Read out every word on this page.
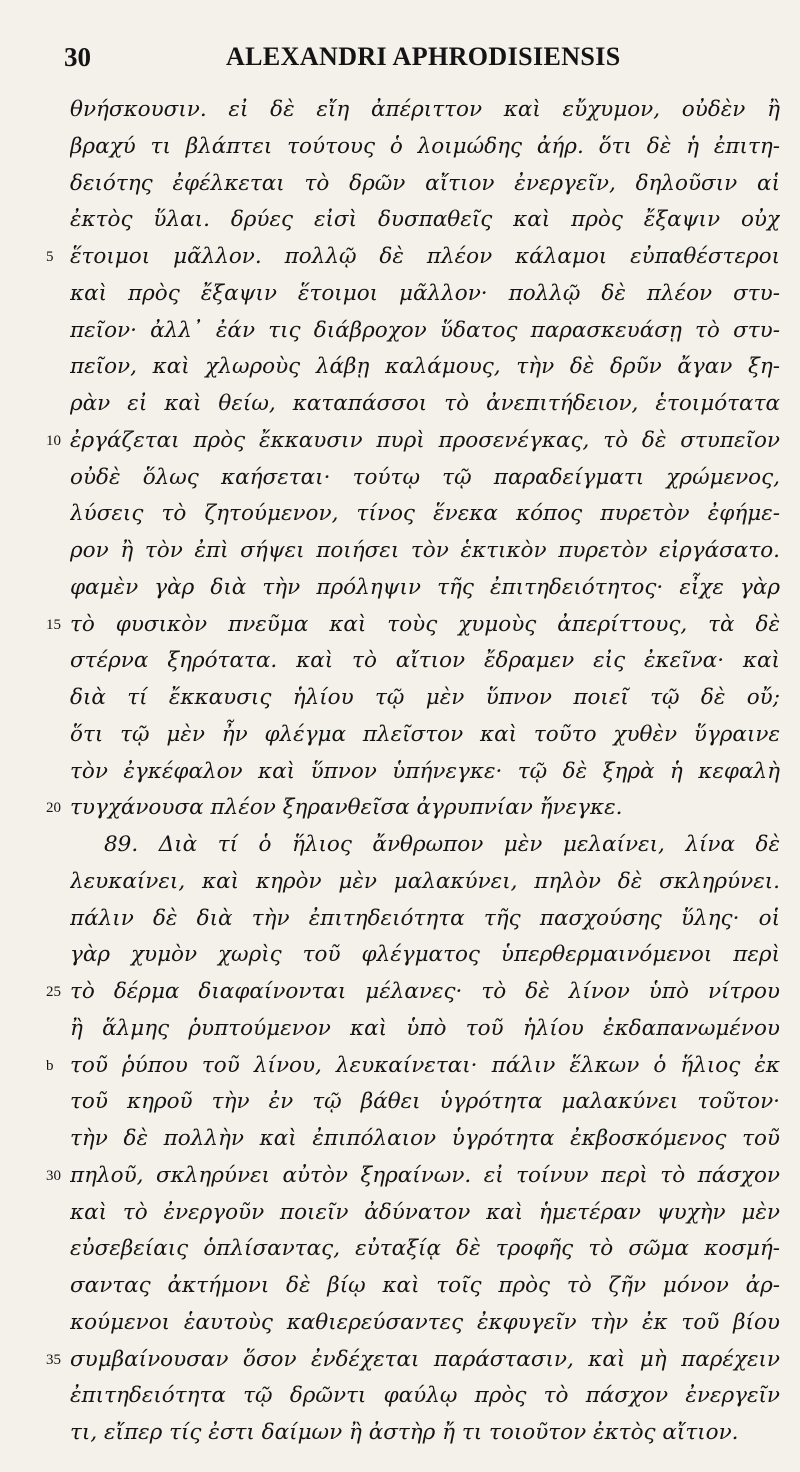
30	ALEXANDRI APHRODISIENSIS
θνήσκουσιν. εἰ δὲ εἴη ἀπέριττον καὶ εὔχυμον, οὐδὲν ἢ
βραχύ τι βλάπτει τούτους ὁ λοιμώδης ἀήρ. ὅτι δὲ ἡ ἐπιτη-
δειότης ἐφέλκεται τὸ δρῶν αἴτιον ἐνεργεῖν, δηλοῦσιν αἱ
ἐκτὸς ὕλαι. δρύες εἰσὶ δυσπαθεῖς καὶ πρὸς ἔξαψιν οὐχ
5 ἕτοιμοι μᾶλλον. πολλῷ δὲ πλέον κάλαμοι εὐπαθέστεροι
καὶ πρὸς ἔξαψιν ἕτοιμοι μᾶλλον· πολλῷ δὲ πλέον στυ-
πεῖον· ἀλλ᾽ ἐάν τις διάβροχον ὕδατος παρασκευάσῃ τὸ στυ-
πεῖον, καὶ χλωροὺς λάβῃ καλάμους, τὴν δὲ δρῦν ἄγαν ξη-
ρὰν εἰ καὶ θείω, καταπάσσοι τὸ ἀνεπιτήδειον, ἑτοιμότατα
10 ἐργάζεται πρὸς ἔκκαυσιν πυρὶ προσενέγκας, τὸ δὲ στυπεῖον
οὐδὲ ὅλως καήσεται· τούτῳ τῷ παραδείγματι χρώμενος,
λύσεις τὸ ζητούμενον, τίνος ἕνεκα κόπος πυρετὸν ἐφήμε-
ρον ἢ τὸν ἐπὶ σήψει ποιήσει τὸν ἑκτικὸν πυρετὸν εἰργάσατο.
φαμὲν γὰρ διὰ τὴν πρόληψιν τῆς ἐπιτηδειότητος· εἶχε γὰρ
15 τὸ φυσικὸν πνεῦμα καὶ τοὺς χυμοὺς ἀπερίττους, τὰ δὲ
στέρνα ξηρότατα. καὶ τὸ αἴτιον ἔδραμεν εἰς ἐκεῖνα· καὶ
διὰ τί ἔκκαυσις ἡλίου τῷ μὲν ὕπνον ποιεῖ τῷ δὲ οὔ;
ὅτι τῷ μὲν ἦν φλέγμα πλεῖστον καὶ τοῦτο χυθὲν ὕγραινε
τὸν ἐγκέφαλον καὶ ὕπνον ὑπήνεγκε· τῷ δὲ ξηρὰ ἡ κεφαλὴ
20 τυγχάνουσα πλέον ξηρανθεῖσα ἀγρυπνίαν ἤνεγκε.
89. Διὰ τί ὁ ἥλιος ἄνθρωπον μὲν μελαίνει, λίνα δὲ
λευκαίνει, καὶ κηρὸν μὲν μαλακύνει, πηλὸν δὲ σκληρύνει.
πάλιν δὲ διὰ τὴν ἐπιτηδειότητα τῆς πασχούσης ὕλης· οἱ
γὰρ χυμὸν χωρὶς τοῦ φλέγματος ὑπερθερμαινόμενοι περὶ
25 τὸ δέρμα διαφαίνονται μέλανες· τὸ δὲ λίνον ὑπὸ νίτρου
ἢ ἅλμης ῥυπτούμενον καὶ ὑπὸ τοῦ ἡλίου ἐκδαπανωμένου
b τοῦ ῥύπου τοῦ λίνου, λευκαίνεται· πάλιν ἕλκων ὁ ἥλιος ἐκ
τοῦ κηροῦ τὴν ἐν τῷ βάθει ὑγρότητα μαλακύνει τοῦτον·
τὴν δὲ πολλὴν καὶ ἐπιπόλαιον ὑγρότητα ἐκβοσκόμενος τοῦ
30 πηλοῦ, σκληρύνει αὐτὸν ξηραίνων. εἰ τοίνυν περὶ τὸ πάσχον
καὶ τὸ ἐνεργοῦν ποιεῖν ἀδύνατον καὶ ἡμετέραν ψυχὴν μὲν
εὐσεβείαις ὁπλίσαντας, εὐταξίᾳ δὲ τροφῆς τὸ σῶμα κοσμή-
σαντας ἀκτήμονι δὲ βίῳ καὶ τοῖς πρὸς τὸ ζῆν μόνον ἀρ-
κούμενοι ἑαυτοὺς καθιερεύσαντες ἐκφυγεῖν τὴν ἐκ τοῦ βίου
35 συμβαίνουσαν ὅσον ἐνδέχεται παράστασιν, καὶ μὴ παρέχειν
ἐπιτηδειότητα τῷ δρῶντι φαύλῳ πρὸς τὸ πάσχον ἐνεργεῖν
τι, εἴπερ τίς ἐστι δαίμων ἢ ἀστὴρ ἤ τι τοιοῦτον ἐκτὸς αἴτιον.
